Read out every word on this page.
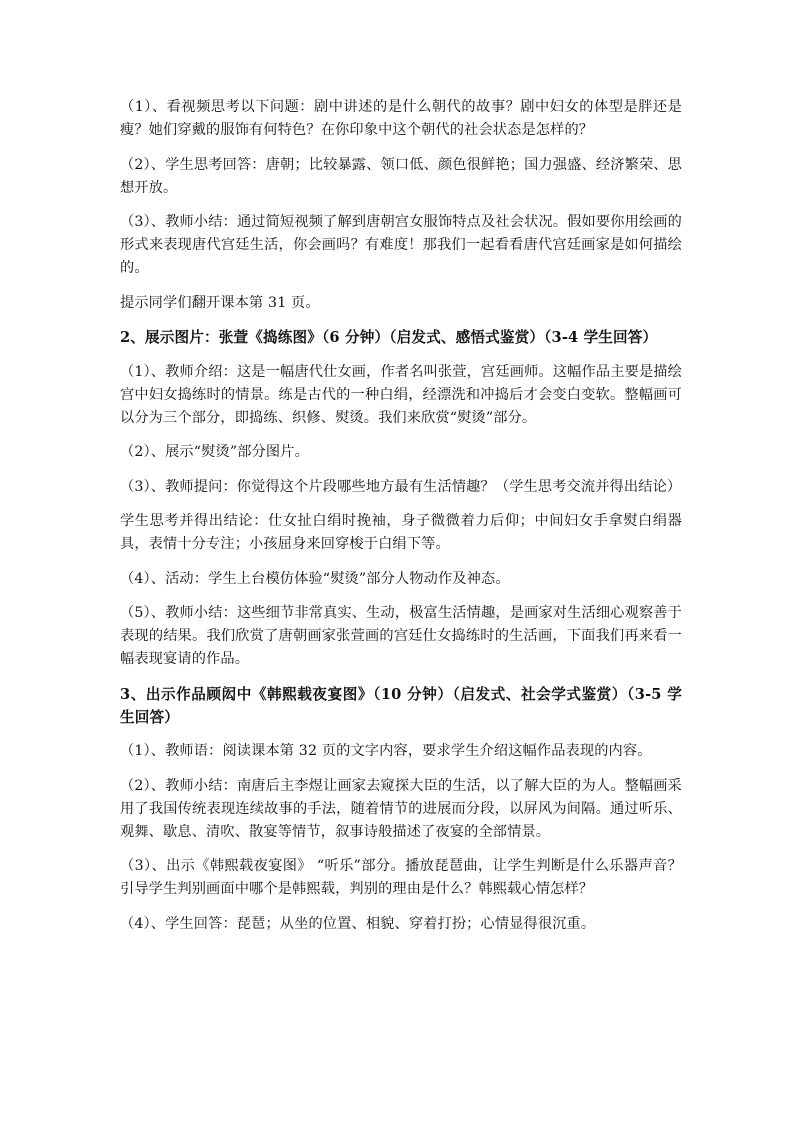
（1）、看视频思考以下问题：剧中讲述的是什么朝代的故事？剧中妇女的体型是胖还是瘦？她们穿戴的服饰有何特色？在你印象中这个朝代的社会状态是怎样的？

（2）、学生思考回答：唐朝；比较暴露、领口低、颜色很鲜艳；国力强盛、经济繁荣、思想开放。

（3）、教师小结：通过简短视频了解到唐朝宫女服饰特点及社会状况。假如要你用绘画的形式来表现唐代宫廷生活，你会画吗？有难度！那我们一起看看唐代宫廷画家是如何描绘的。

提示同学们翻开课本第 31 页。

2、展示图片：张萱《捣练图》（6 分钟）（启发式、感悟式鉴赏）（3-4 学生回答）

（1）、教师介绍：这是一幅唐代仕女画，作者名叫张萱，宫廷画师。这幅作品主要是描绘宫中妇女捣练时的情景。练是古代的一种白绢，经漂洗和冲捣后才会变白变软。整幅画可以分为三个部分，即捣练、织修、熨烫。我们来欣赏“熨烫”部分。

（2）、展示“熨烫”部分图片。

（3）、教师提问：你觉得这个片段哪些地方最有生活情趣？（学生思考交流并得出结论）

学生思考并得出结论：仕女扯白绢时挽袖，身子微微着力后仰；中间妇女手拿熨白绢器具，表情十分专注；小孩屈身来回穿梭于白绢下等。

（4）、活动：学生上台模仿体验“熨烫”部分人物动作及神态。

（5）、教师小结：这些细节非常真实、生动，极富生活情趣，是画家对生活细心观察善于表现的结果。我们欣赏了唐朝画家张萱画的宫廷仕女捣练时的生活画，下面我们再来看一幅表现宴请的作品。

3、出示作品顾闳中《韩熙载夜宴图》（10 分钟）（启发式、社会学式鉴赏）（3-5 学生回答）

（1）、教师语：阅读课本第 32 页的文字内容，要求学生介绍这幅作品表现的内容。

（2）、教师小结：南唐后主李煜让画家去窥探大臣的生活，以了解大臣的为人。整幅画采用了我国传统表现连续故事的手法，随着情节的进展而分段，以屏风为间隔。通过听乐、观舞、歇息、清吹、散宴等情节，叙事诗般描述了夜宴的全部情景。

（3）、出示《韩熙载夜宴图》 “听乐”部分。播放琵琶曲，让学生判断是什么乐器声音？引导学生判别画面中哪个是韩熙载，判别的理由是什么？韩熙载心情怎样？

（4）、学生回答：琵琶；从坐的位置、相貌、穿着打扮；心情显得很沉重。
